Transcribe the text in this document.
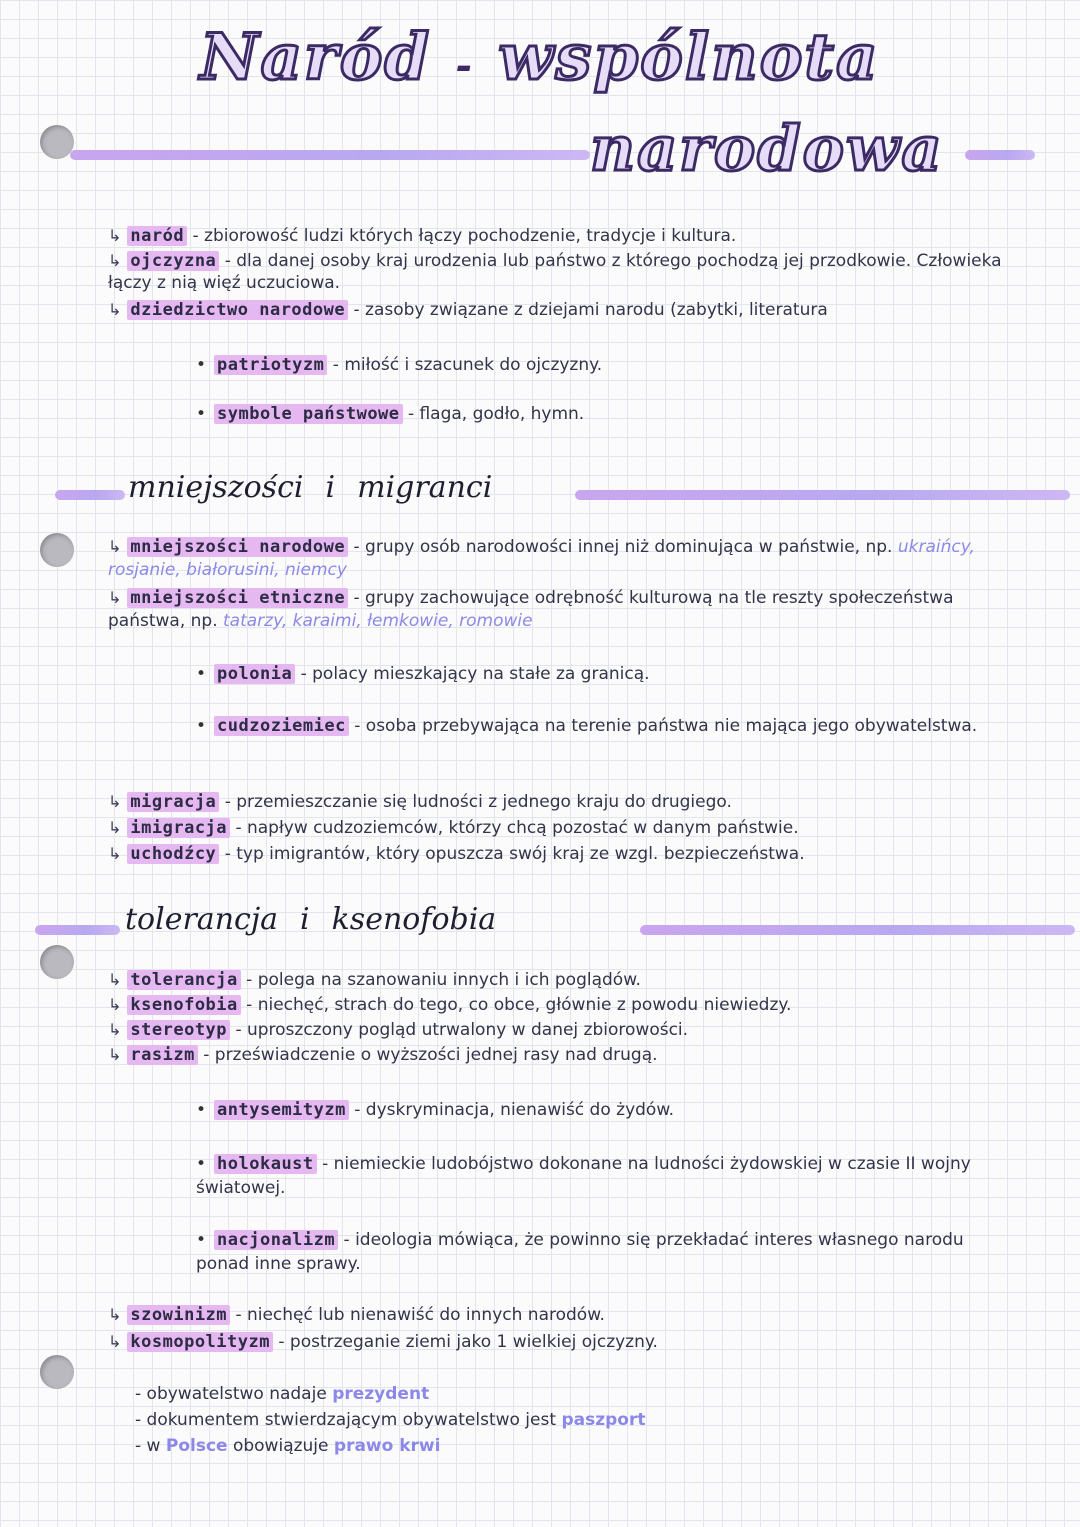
Naród - wspólnota
narodowa
↳ naród - zbiorowość ludzi których łączy pochodzenie, tradycje i kultura.
↳ ojczyzna - dla danej osoby kraj urodzenia lub państwo z którego pochodzą jej przodkowie. Człowieka łączy z nią więź uczuciowa.
↳ dziedzictwo narodowe - zasoby związane z dziejami narodu (zabytki, literatura
• patriotyzm - miłość i szacunek do ojczyzny.
• symbole państwowe - flaga, godło, hymn.
mniejszości i migranci
↳ mniejszości narodowe - grupy osób narodowości innej niż dominująca w państwie, np. ukraińcy, rosjanie, białorusini, niemcy
↳ mniejszości etniczne - grupy zachowujące odrębność kulturową na tle reszty społeczeństwa państwa, np. tatarzy, karaimi, łemkowie, romowie
• polonia - polacy mieszkający na stałe za granicą.
• cudzoziemiec - osoba przebywająca na terenie państwa nie mająca jego obywatelstwa.
↳ migracja - przemieszczanie się ludności z jednego kraju do drugiego.
↳ imigracja - napływ cudzoziemców, którzy chcą pozostać w danym państwie.
↳ uchodźcy - typ imigrantów, który opuszcza swój kraj ze wzgl. bezpieczeństwa.
tolerancja i ksenofobia
↳ tolerancja - polega na szanowaniu innych i ich poglądów.
↳ ksenofobia - niechęć, strach do tego, co obce, głównie z powodu niewiedzy.
↳ stereotyp - uproszczony pogląd utrwalony w danej zbiorowości.
↳ rasizm - przeświadczenie o wyższości jednej rasy nad drugą.
• antysemityzm - dyskryminacja, nienawiść do żydów.
• holokaust - niemieckie ludobójstwo dokonane na ludności żydowskiej w czasie II wojny światowej.
• nacjonalizm - ideologia mówiąca, że powinno się przekładać interes własnego narodu ponad inne sprawy.
↳ szowinizm - niechęć lub nienawiść do innych narodów.
↳ kosmopolityzm - postrzeganie ziemi jako 1 wielkiej ojczyzny.
- obywatelstwo nadaje prezydent
- dokumentem stwierdzającym obywatelstwo jest paszport
- w Polsce obowiązuje prawo krwi
